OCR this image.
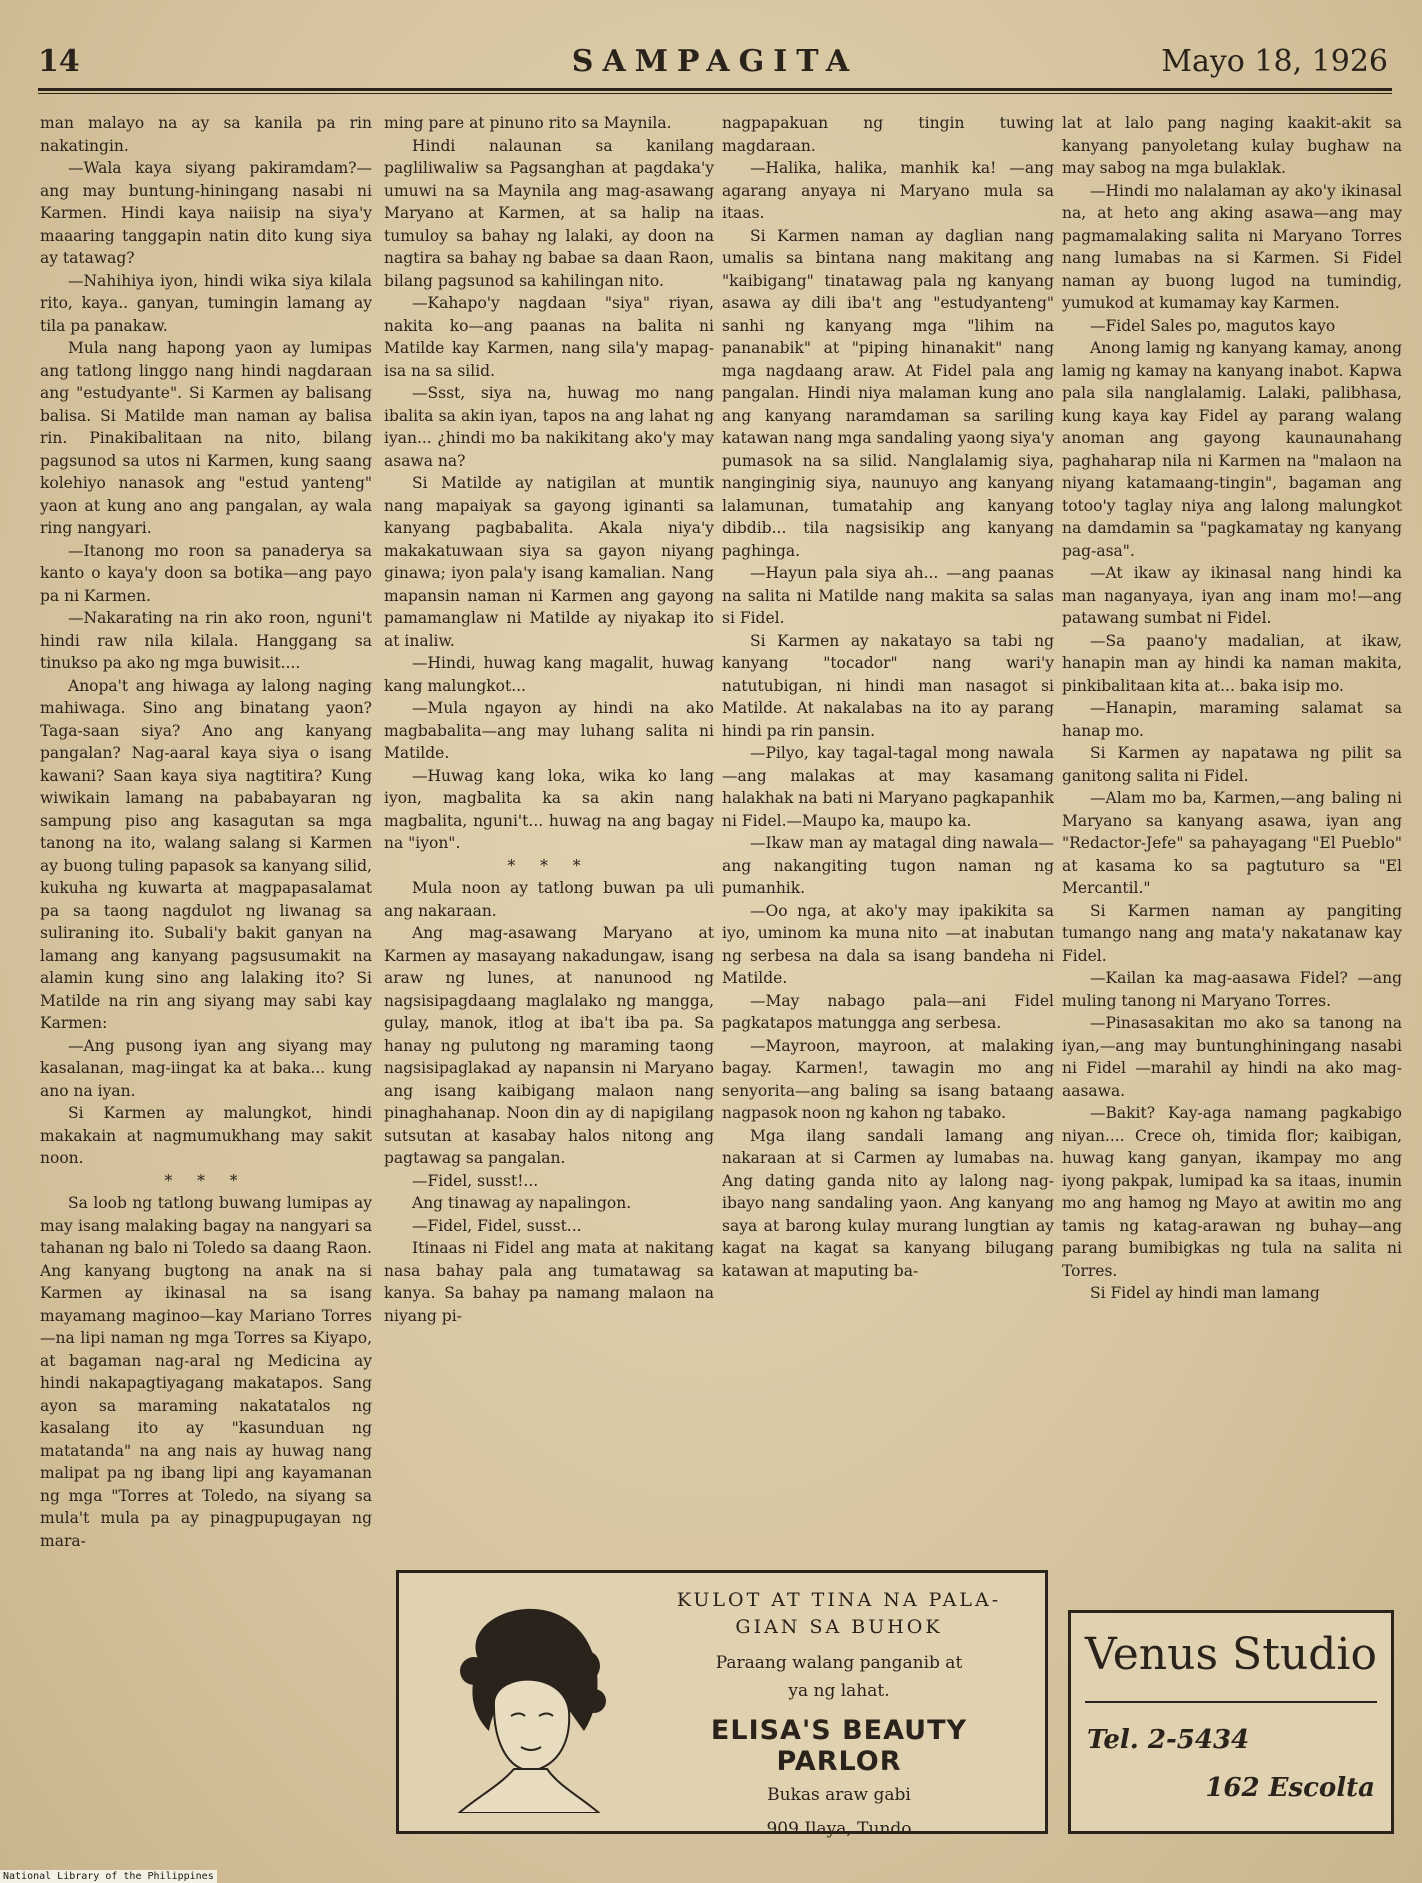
14	SAMPAGITA	Mayo 18, 1926

man malayo na ay sa kanila pa rin nakatingin.

—Wala kaya siyang pakiramdam?— ang may buntung-hiningang nasabi ni Karmen. Hindi kaya naiisip na siya'y maaaring tanggapin natin dito kung siya ay tatawag?

—Nahihiya iyon, hindi wika siya kilala rito, kaya.. ganyan, tumingin lamang ay tila pa panakaw.

Mula nang hapong yaon ay lumipas ang tatlong linggo nang hindi nagdaraan ang "estudyante". Si Karmen ay balisang balisa. Si Matilde man naman ay balisa rin. Pinakibalitaan na nito, bilang pagsunod sa utos ni Karmen, kung saang kolehiyo nanasok ang "estud yanteng" yaon at kung ano ang pangalan, ay wala ring nangyari.

—Itanong mo roon sa panaderya sa kanto o kaya'y doon sa botika—ang payo pa ni Karmen.

—Nakarating na rin ako roon, nguni't hindi raw nila kilala. Hanggang sa tinukso pa ako ng mga buwisit....

Anopa't ang hiwaga ay lalong naging mahiwaga. Sino ang binatang yaon? Taga-saan siya? Ano ang kanyang pangalan? Nag-aaral kaya siya o isang kawani? Saan kaya siya nagtitira? Kung wiwikain lamang na pababayaran ng sampung piso ang kasagutan sa mga tanong na ito, walang salang si Karmen ay buong tuling papasok sa kanyang silid, kukuha ng kuwarta at magpapasalamat pa sa taong nagdulot ng liwanag sa suliraning ito. Subali'y bakit ganyan na lamang ang kanyang pagsusumakit na alamin kung sino ang lalaking ito? Si Matilde na rin ang siyang may sabi kay Karmen:

—Ang pusong iyan ang siyang may kasalanan, mag-iingat ka at baka... kung ano na iyan.

Si Karmen ay malungkot, hindi makakain at nagmumukhang may sakit noon.

* * *

Sa loob ng tatlong buwang lumipas ay may isang malaking bagay na nangyari sa tahanan ng balo ni Toledo sa daang Raon. Ang kanyang bugtong na anak na si Karmen ay ikinasal na sa isang mayamang maginoo—kay Mariano Torres—na lipi naman ng mga Torres sa Kiyapo, at bagaman nag-aral ng Medicina ay hindi nakapagtiyagang makatapos. Sang ayon sa maraming nakatatalos ng kasalang ito ay "kasunduan ng matatanda" na ang nais ay huwag nang malipat pa ng ibang lipi ang kayamanan ng mga "Torres at Toledo, na siyang sa mula't mula pa ay pinagpupugayan ng mara-

ming pare at pinuno rito sa Maynila.

Hindi nalaunan sa kanilang pagliliwaliw sa Pagsanghan at pagdaka'y umuwi na sa Maynila ang mag-asawang Maryano at Karmen, at sa halip na tumuloy sa bahay ng lalaki, ay doon na nagtira sa bahay ng babae sa daan Raon, bilang pagsunod sa kahilingan nito.

—Kahapo'y nagdaan "siya" riyan, nakita ko—ang paanas na balita ni Matilde kay Karmen, nang sila'y mapag-isa na sa silid.

—Ssst, siya na, huwag mo nang ibalita sa akin iyan, tapos na ang lahat ng iyan... ¿hindi mo ba nakikitang ako'y may asawa na?

Si Matilde ay natigilan at muntik nang mapaiyak sa gayong iginanti sa kanyang pagbabalita. Akala niya'y makakatuwaan siya sa gayon niyang ginawa; iyon pala'y isang kamalian. Nang mapansin naman ni Karmen ang gayong pamamanglaw ni Matilde ay niyakap ito at inaliw.

—Hindi, huwag kang magalit, huwag kang malungkot...

—Mula ngayon ay hindi na ako magbabalita—ang may luhang salita ni Matilde.

—Huwag kang loka, wika ko lang iyon, magbalita ka sa akin nang magbalita, nguni't... huwag na ang bagay na "iyon".

* * *

Mula noon ay tatlong buwan pa uli ang nakaraan.

Ang mag-asawang Maryano at Karmen ay masayang nakadungaw, isang araw ng lunes, at nanunood ng nagsisipagdaang maglalako ng mangga, gulay, manok, itlog at iba't iba pa. Sa hanay ng pulutong ng maraming taong nagsisipaglakad ay napansin ni Maryano ang isang kaibigang malaon nang pinaghahanap. Noon din ay di napigilang sutsutan at kasabay halos nitong ang pagtawag sa pangalan.

—Fidel, susst!...

Ang tinawag ay napalingon.

—Fidel, Fidel, susst...

Itinaas ni Fidel ang mata at nakitang nasa bahay pala ang tumatawag sa kanya. Sa bahay pa namang malaon na niyang pi-

nagpapakuan ng tingin tuwing magdaraan.

—Halika, halika, manhik ka! —ang agarang anyaya ni Maryano mula sa itaas.

Si Karmen naman ay daglian nang umalis sa bintana nang makitang ang "kaibigang" tinatawag pala ng kanyang asawa ay dili iba't ang "estudyanteng" sanhi ng kanyang mga "lihim na pananabik" at "piping hinanakit" nang mga nagdaang araw. At Fidel pala ang pangalan. Hindi niya malaman kung ano ang kanyang naramdaman sa sariling katawan nang mga sandaling yaong siya'y pumasok na sa silid. Nanglalamig siya, nanginginig siya, naunuyo ang kanyang lalamunan, tumatahip ang kanyang dibdib... tila nagsisikip ang kanyang paghinga.

—Hayun pala siya ah... —ang paanas na salita ni Matilde nang makita sa salas si Fidel.

Si Karmen ay nakatayo sa tabi ng kanyang "tocador" nang wari'y natutubigan, ni hindi man nasagot si Matilde. At nakalabas na ito ay parang hindi pa rin pansin.

—Pilyo, kay tagal-tagal mong nawala—ang malakas at may kasamang halakhak na bati ni Maryano pagkapanhik ni Fidel.—Maupo ka, maupo ka.

—Ikaw man ay matagal ding nawala—ang nakangiting tugon naman ng pumanhik.

—Oo nga, at ako'y may ipakikita sa iyo, uminom ka muna nito —at inabutan ng serbesa na dala sa isang bandeha ni Matilde.

—May nabago pala—ani Fidel pagkatapos matungga ang serbesa.

—Mayroon, mayroon, at malaking bagay. Karmen!, tawagin mo ang senyorita—ang baling sa isang bataang nagpasok noon ng kahon ng tabako.

Mga ilang sandali lamang ang nakaraan at si Carmen ay lumabas na. Ang dating ganda nito ay lalong nag-ibayo nang sandaling yaon. Ang kanyang saya at barong kulay murang lungtian ay kagat na kagat sa kanyang bilugang katawan at maputing ba-

lat at lalo pang naging kaakit-akit sa kanyang panyoletang kulay bughaw na may sabog na mga bulaklak.

—Hindi mo nalalaman ay ako'y ikinasal na, at heto ang aking asawa—ang may pagmamalaking salita ni Maryano Torres nang lumabas na si Karmen. Si Fidel naman ay buong lugod na tumindig, yumukod at kumamay kay Karmen.

—Fidel Sales po, magutos kayo

Anong lamig ng kanyang kamay, anong lamig ng kamay na kanyang inabot. Kapwa pala sila nanglalamig. Lalaki, palibhasa, kung kaya kay Fidel ay parang walang anoman ang gayong kaunaunahang paghaharap nila ni Karmen na "malaon na niyang katamaang-tingin", bagaman ang totoo'y taglay niya ang lalong malungkot na damdamin sa "pagkamatay ng kanyang pag-asa".

—At ikaw ay ikinasal nang hindi ka man naganyaya, iyan ang inam mo!—ang patawang sumbat ni Fidel.

—Sa paano'y madalian, at ikaw, hanapin man ay hindi ka naman makita, pinkibalitaan kita at... baka isip mo.

—Hanapin, maraming salamat sa hanap mo.

Si Karmen ay napatawa ng pilit sa ganitong salita ni Fidel.

—Alam mo ba, Karmen,—ang baling ni Maryano sa kanyang asawa, iyan ang "Redactor-Jefe" sa pahayagang "El Pueblo" at kasama ko sa pagtuturo sa "El Mercantil."

Si Karmen naman ay pangiting tumango nang ang mata'y nakatanaw kay Fidel.

—Kailan ka mag-aasawa Fidel? —ang muling tanong ni Maryano Torres.

—Pinasasakitan mo ako sa tanong na iyan,—ang may buntunghiningang nasabi ni Fidel —marahil ay hindi na ako mag-aasawa.

—Bakit? Kay-aga namang pagkabigo niyan.... Crece oh, timida flor; kaibigan, huwag kang ganyan, ikampay mo ang iyong pakpak, lumipad ka sa itaas, inumin mo ang hamog ng Mayo at awitin mo ang tamis ng katag-arawan ng buhay—ang parang bumibigkas ng tula na salita ni Torres.

Si Fidel ay hindi man lamang

KULOT AT TINA NA PALA-
GIAN SA BUHOK
Paraang walang panganib at
ya ng lahat.
ELISA'S BEAUTY PARLOR
Bukas araw gabi
909 Ilaya, Tundo
Venus Studio
Tel. 2-5434
162 Escolta
National Library of the Philippines
